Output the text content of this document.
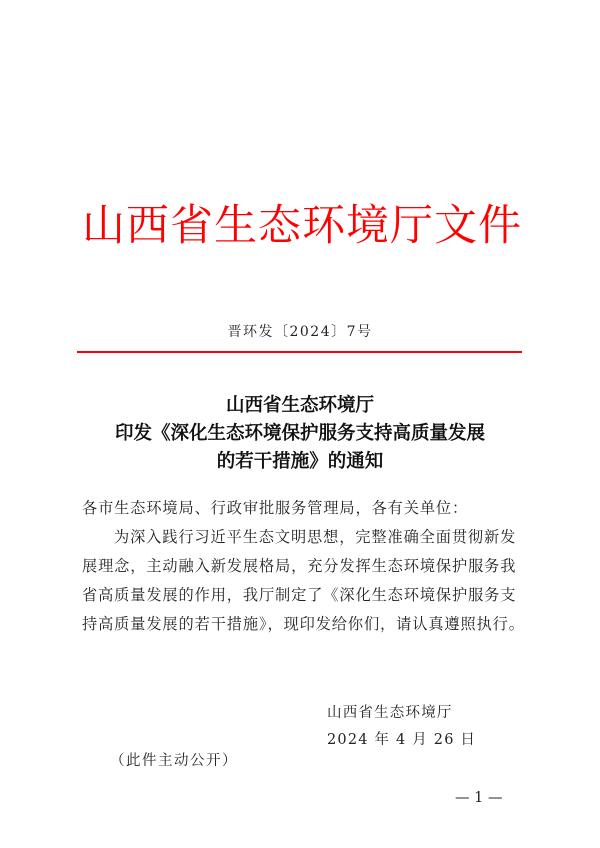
山西省生态环境厅文件
晋环发〔2024〕7号
山西省生态环境厅
印发《深化生态环境保护服务支持高质量发展
的若干措施》的通知
各市生态环境局、行政审批服务管理局，各有关单位：
为深入践行习近平生态文明思想，完整准确全面贯彻新发
展理念，主动融入新发展格局，充分发挥生态环境保护服务我
省高质量发展的作用，我厅制定了《深化生态环境保护服务支
持高质量发展的若干措施》，现印发给你们，请认真遵照执行。
山西省生态环境厅
2024 年 4 月 26 日
（此件主动公开）
— 1 —
